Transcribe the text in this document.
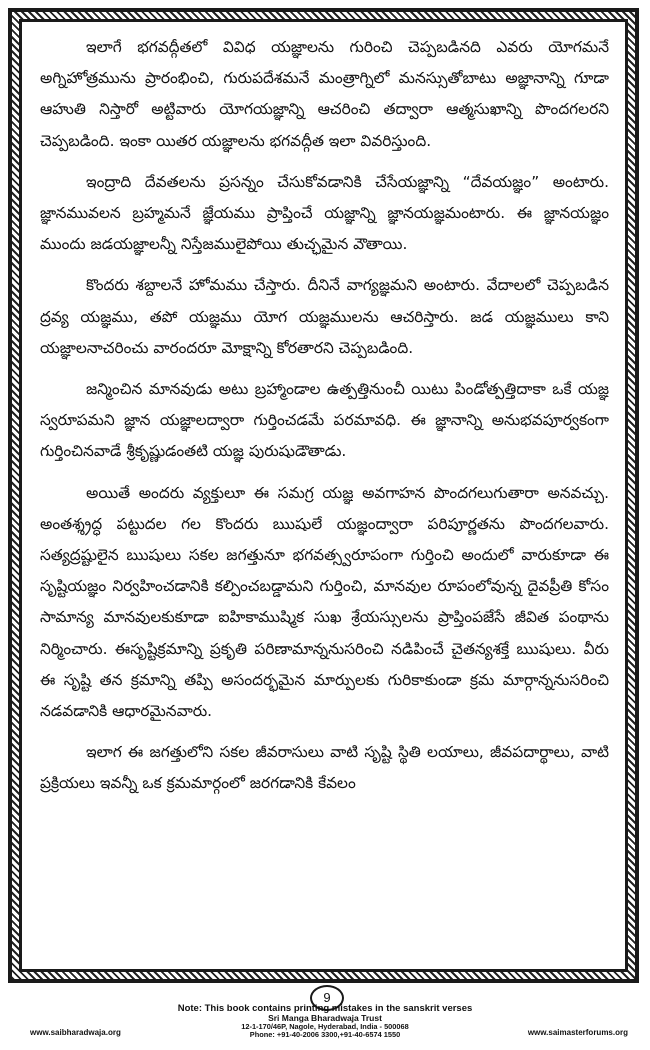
ఇలాగే భగవద్గీతలో వివిధ యజ్ఞాలను గురించి చెప్పబడినది ఎవరు యోగమనే అగ్నిహోత్రమును ప్రారంభించి, గురుపదేశమనే మంత్రాగ్నిలో మనస్సుతోబాటు అజ్ఞానాన్ని గూడా ఆహుతి నిస్తారో అట్టివారు యోగయజ్ఞాన్ని ఆచరించి తద్వారా ఆత్మసుఖాన్ని పొందగలరని చెప్పబడింది. ఇంకా యితర యజ్ఞాలను భగవద్గీత ఇలా వివరిస్తుంది.

ఇంద్రాది దేవతలను ప్రసన్నం చేసుకోవడానికి చేసేయజ్ఞాన్ని “దేవయజ్ఞం” అంటారు. జ్ఞానమువలన బ్రహ్మమనే జ్ఞేయము ప్రాప్తించే యజ్ఞాన్ని జ్ఞానయజ్ఞమంటారు. ఈ జ్ఞానయజ్ఞం ముందు జడయజ్ఞాలన్నీ నిస్తేజములైపోయి తుచ్ఛమైన వౌతాయి.

కొందరు శబ్దాలనే హోమము చేస్తారు. దీనినే వాగ్యజ్ఞమని అంటారు. వేదాలలో చెప్పబడిన ద్రవ్య యజ్ఞము, తపో యజ్ఞము యోగ యజ్ఞములను ఆచరిస్తారు. జడ యజ్ఞములు కాని యజ్ఞాలనాచరించు వారందరూ మోక్షాన్ని కోరతారని చెప్పబడింది.

జన్మించిన మానవుడు అటు బ్రహ్మాండాల ఉత్పత్తినుంచీ యిటు పిండోత్పత్తిదాకా ఒకే యజ్ఞ స్వరూపమని జ్ఞాన యజ్ఞాలద్వారా గుర్తించడమే పరమావధి. ఈ జ్ఞానాన్ని అనుభవపూర్వకంగా గుర్తించినవాడే శ్రీకృష్ణుడంతటి యజ్ఞ పురుషుడౌతాడు.

అయితే అందరు వ్యక్తులూ ఈ సమగ్ర యజ్ఞ అవగాహన పొందగలుగుతారా అనవచ్చు. అంతశ్శ్రద్ధ పట్టుదల గల కొందరు ఋషులే యజ్ఞంద్వారా పరిపూర్ణతను పొందగలవారు. సత్యద్రష్టులైన ఋషులు సకల జగత్తునూ భగవత్స్వరూపంగా గుర్తించి అందులో వారుకూడా ఈ సృష్టియజ్ఞం నిర్వహించడానికి కల్పించబడ్డామని గుర్తించి, మానవుల రూపంలోవున్న దైవప్రీతి కోసం సామాన్య మానవులకుకూడా ఐహికాముష్మిక సుఖ శ్రేయస్సులను ప్రాప్తింపజేసే జీవిత పంథాను నిర్మించారు. ఈసృష్టిక్రమాన్ని ప్రకృతి పరిణామాన్ననుసరించి నడిపించే చైతన్యశక్తే ఋషులు. వీరు ఈ సృష్టి తన క్రమాన్ని తప్పి అసందర్భమైన మార్పులకు గురికాకుండా క్రమ మార్గాన్ననుసరించి నడవడానికి ఆధారమైనవారు.

ఇలాగ ఈ జగత్తులోని సకల జీవరాసులు వాటి సృష్టి స్థితి లయాలు, జీవపదార్థాలు, వాటి ప్రక్రియలు ఇవన్నీ ఒక క్రమమార్గంలో జరగడానికి కేవలం

9
Note: This book contains printing mistakes in the sanskrit verses
www.saibharadwaja.org
Sri Manga Bharadwaja Trust
12-1-170/46P, Nagole, Hyderabad, India - 500068
Phone: +91-40-2006 3300,+91-40-6574 1550	www.saimasterforums.org
